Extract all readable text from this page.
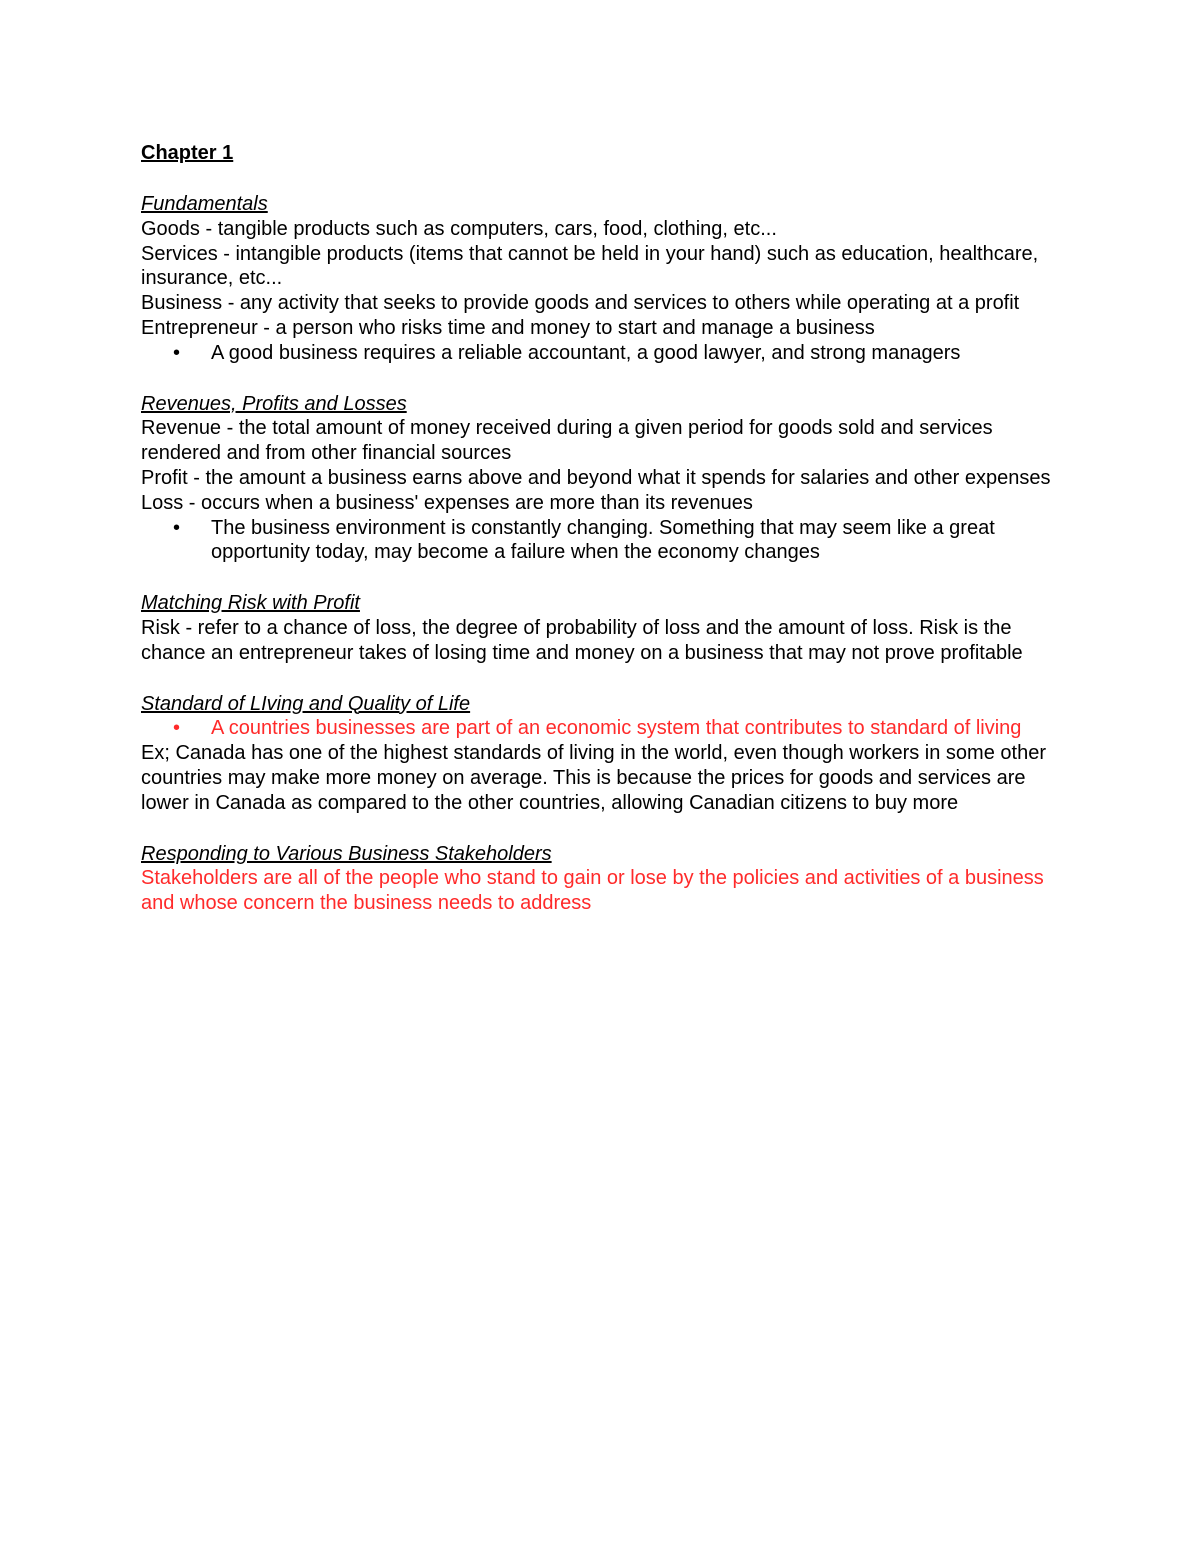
Chapter 1
Fundamentals
Goods - tangible products such as computers, cars, food, clothing, etc...
Services - intangible products (items that cannot be held in your hand) such as education, healthcare, insurance, etc...
Business - any activity that seeks to provide goods and services to others while operating at a profit
Entrepreneur - a person who risks time and money to start and manage a business
• A good business requires a reliable accountant, a good lawyer, and strong managers
Revenues, Profits and Losses
Revenue - the total amount of money received during a given period for goods sold and services rendered and from other financial sources
Profit - the amount a business earns above and beyond what it spends for salaries and other expenses
Loss - occurs when a business' expenses are more than its revenues
• The business environment is constantly changing. Something that may seem like a great opportunity today, may become a failure when the economy changes
Matching Risk with Profit
Risk - refer to a chance of loss, the degree of probability of loss and the amount of loss. Risk is the chance an entrepreneur takes of losing time and money on a business that may not prove profitable
Standard of LIving and Quality of Life
• A countries businesses are part of an economic system that contributes to standard of living
Ex; Canada has one of the highest standards of living in the world, even though workers in some other countries may make more money on average. This is because the prices for goods and services are lower in Canada as compared to the other countries, allowing Canadian citizens to buy more
Responding to Various Business Stakeholders
Stakeholders are all of the people who stand to gain or lose by the policies and activities of a business and whose concern the business needs to address
